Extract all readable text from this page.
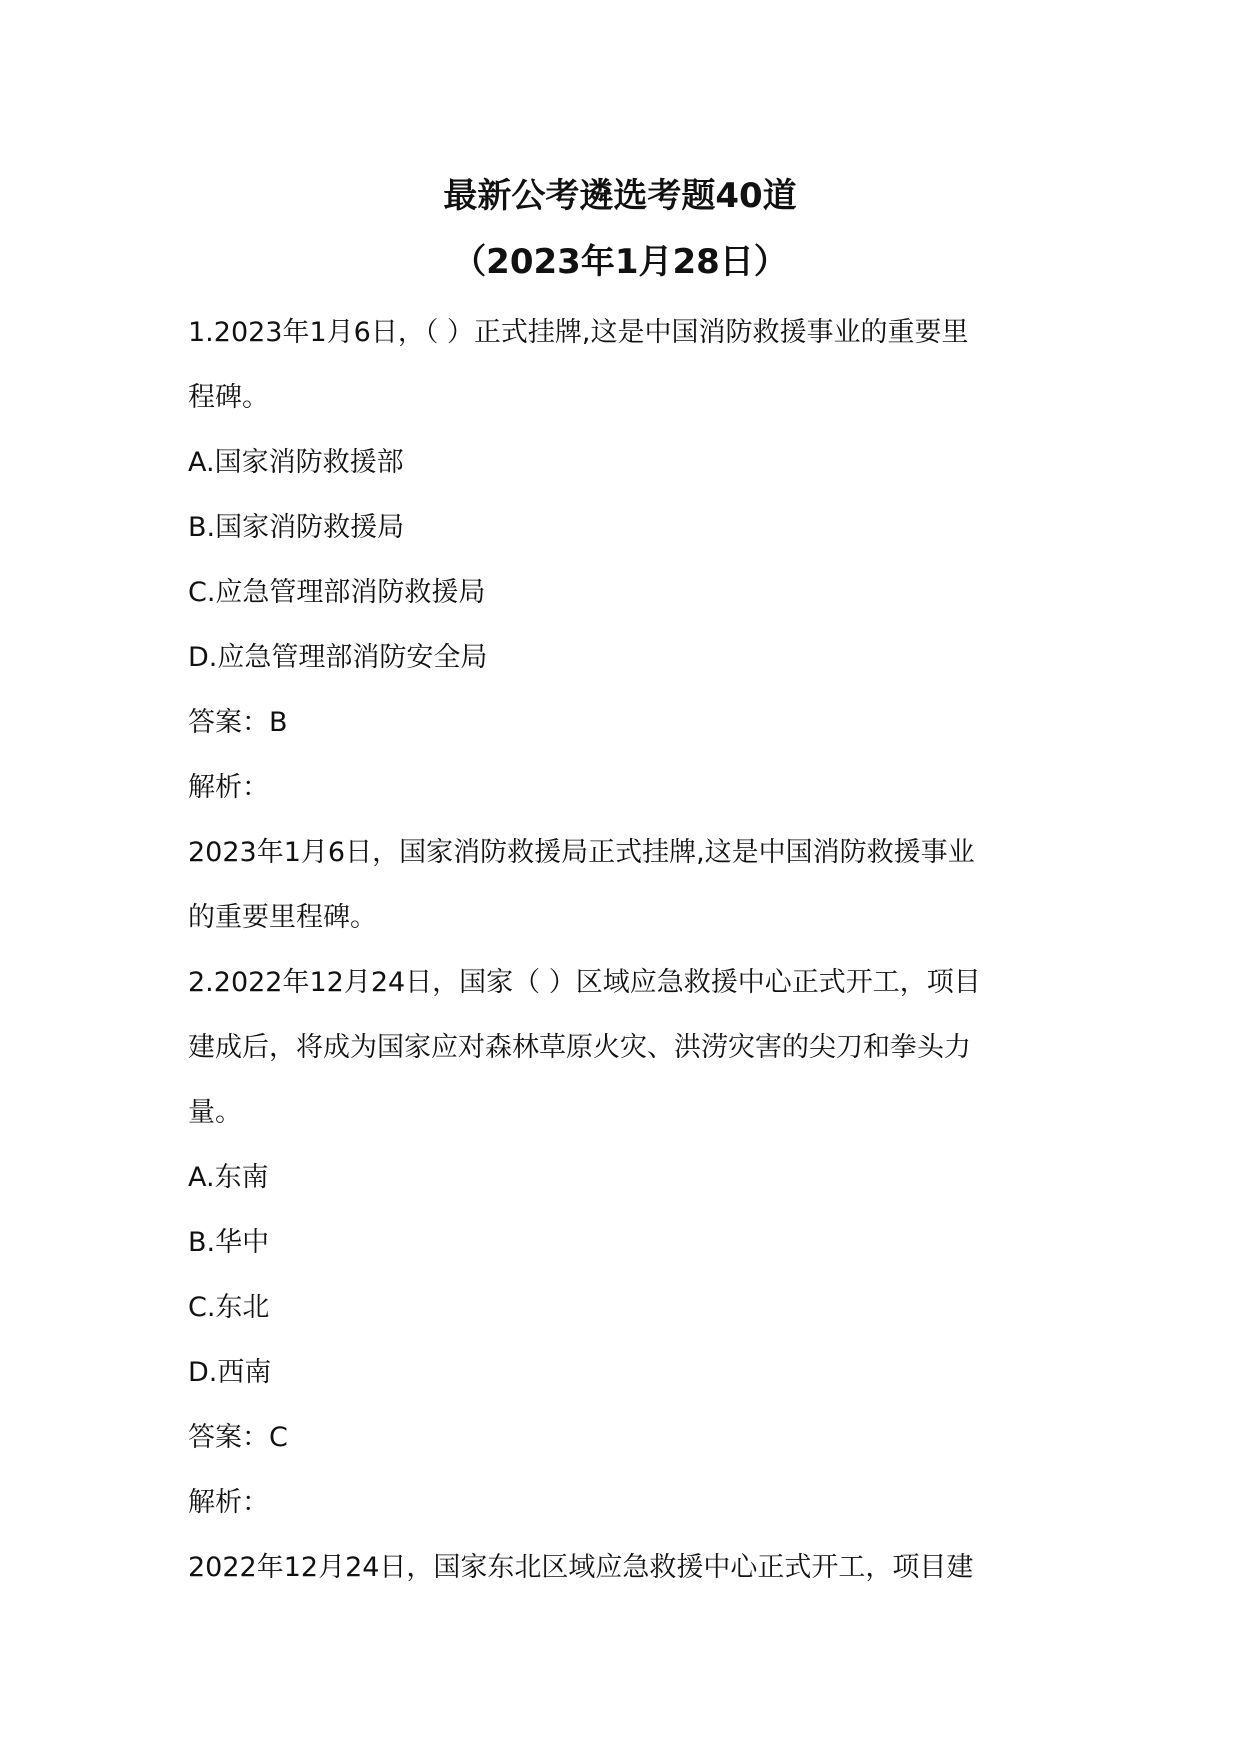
最新公考遴选考题40道
（2023年1月28日）
1.2023年1月6日，（ ）正式挂牌,这是中国消防救援事业的重要里
程碑。
A.国家消防救援部
B.国家消防救援局
C.应急管理部消防救援局
D.应急管理部消防安全局
答案：B
解析：
2023年1月6日，国家消防救援局正式挂牌,这是中国消防救援事业
的重要里程碑。
2.2022年12月24日，国家（ ）区域应急救援中心正式开工，项目
建成后，将成为国家应对森林草原火灾、洪涝灾害的尖刀和拳头力
量。
A.东南
B.华中
C.东北
D.西南
答案：C
解析：
2022年12月24日，国家东北区域应急救援中心正式开工，项目建
